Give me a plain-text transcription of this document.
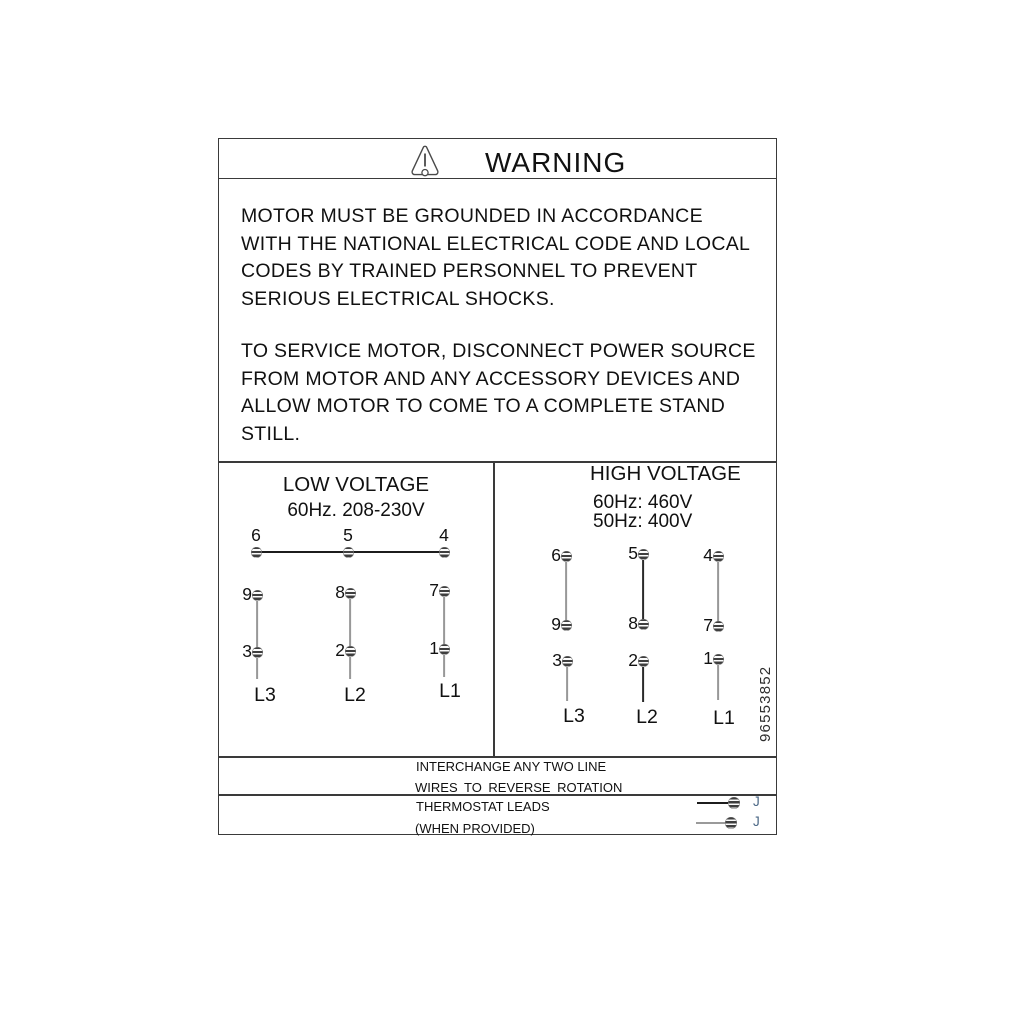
WARNING

MOTOR MUST BE GROUNDED IN ACCORDANCE WITH THE NATIONAL ELECTRICAL CODE AND LOCAL CODES BY TRAINED PERSONNEL TO PREVENT SERIOUS ELECTRICAL SHOCKS.

TO SERVICE MOTOR, DISCONNECT POWER SOURCE FROM MOTOR AND ANY ACCESSORY DEVICES AND ALLOW MOTOR TO COME TO A COMPLETE STAND STILL.

LOW VOLTAGE
60Hz. 208-230V
6	5	4
9	8	7
3	2	1
L3	L2	L1
HIGH VOLTAGE
60Hz: 460V
50Hz: 400V
6	5	4
9	8	7
3	2	1
L3	L2	L1 96553852
INTERCHANGE ANY TWO LINE
WIRES TO REVERSE ROTATION
THERMOSTAT LEADS
(WHEN PROVIDED)
J
J
